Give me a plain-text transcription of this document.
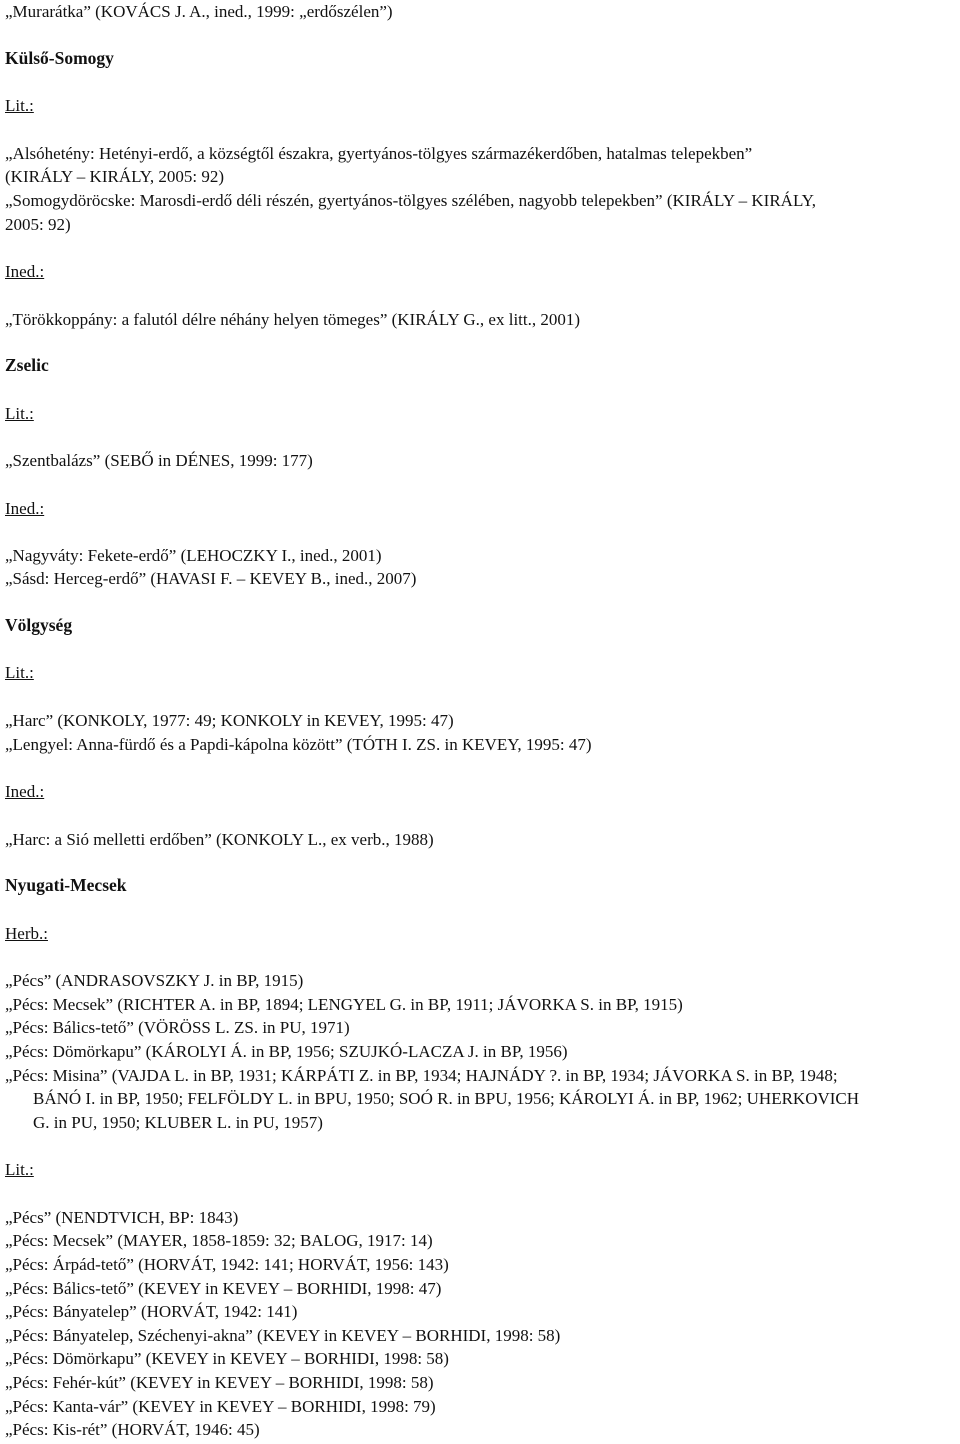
„Murarátka” (KOVÁCS J. A., ined., 1999: „erdőszélen”)
Külső-Somogy
Lit.:
„Alsóhetény: Hetényi-erdő, a községtől északra, gyertyános-tölgyes származékerdőben, hatalmas telepekben”
(KIRÁLY – KIRÁLY, 2005: 92)
„Somogydöröcske: Marosdi-erdő déli részén, gyertyános-tölgyes szélében, nagyobb telepekben” (KIRÁLY – KIRÁLY,
2005: 92)
Ined.:
„Törökkoppány: a falutól délre néhány helyen tömeges” (KIRÁLY G., ex litt., 2001)
Zselic
Lit.:
„Szentbalázs” (SEBŐ in DÉNES, 1999: 177)
Ined.:
„Nagyváty: Fekete-erdő” (LEHOCZKY I., ined., 2001)
„Sásd: Herceg-erdő” (HAVASI F. – KEVEY B., ined., 2007)
Völgység
Lit.:
„Harc” (KONKOLY, 1977: 49; KONKOLY in KEVEY, 1995: 47)
„Lengyel: Anna-fürdő és a Papdi-kápolna között” (TÓTH I. ZS. in KEVEY, 1995: 47)
Ined.:
„Harc: a Sió melletti erdőben” (KONKOLY L., ex verb., 1988)
Nyugati-Mecsek
Herb.:
„Pécs” (ANDRASOVSZKY J. in BP, 1915)
„Pécs: Mecsek” (RICHTER A. in BP, 1894; LENGYEL G. in BP, 1911; JÁVORKA S. in BP, 1915)
„Pécs: Bálics-tető” (VÖRÖSS L. ZS. in PU, 1971)
„Pécs: Dömörkapu” (KÁROLYI Á. in BP, 1956; SZUJKÓ-LACZA J. in BP, 1956)
„Pécs: Misina” (VAJDA L. in BP, 1931; KÁRPÁTI Z. in BP, 1934; HAJNÁDY ?. in BP, 1934; JÁVORKA S. in BP, 1948;
BÁNÓ I. in BP, 1950; FELFÖLDY L. in BPU, 1950; SOÓ R. in BPU, 1956; KÁROLYI Á. in BP, 1962; UHERKOVICH
G. in PU, 1950; KLUBER L. in PU, 1957)
Lit.:
„Pécs” (NENDTVICH, BP: 1843)
„Pécs: Mecsek” (MAYER, 1858-1859: 32; BALOG, 1917: 14)
„Pécs: Árpád-tető” (HORVÁT, 1942: 141; HORVÁT, 1956: 143)
„Pécs: Bálics-tető” (KEVEY in KEVEY – BORHIDI, 1998: 47)
„Pécs: Bányatelep” (HORVÁT, 1942: 141)
„Pécs: Bányatelep, Széchenyi-akna” (KEVEY in KEVEY – BORHIDI, 1998: 58)
„Pécs: Dömörkapu” (KEVEY in KEVEY – BORHIDI, 1998: 58)
„Pécs: Fehér-kút” (KEVEY in KEVEY – BORHIDI, 1998: 58)
„Pécs: Kanta-vár” (KEVEY in KEVEY – BORHIDI, 1998: 79)
„Pécs: Kis-rét” (HORVÁT, 1946: 45)
